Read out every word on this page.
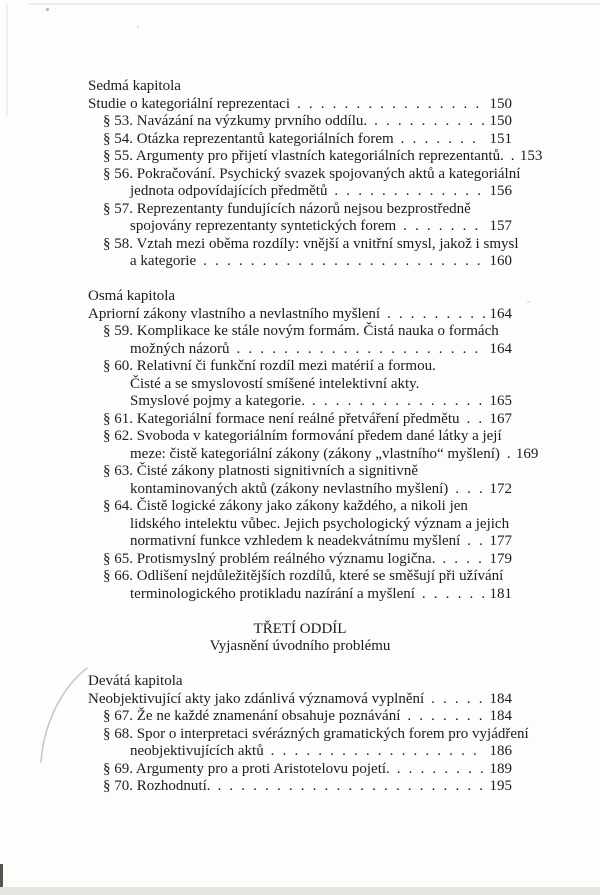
Sedmá kapitola
Studie o kategoriální reprezentaci . . .	150
§ 53. Navázání na výzkumy prvního oddílu. . . .	150
§ 54. Otázka reprezentantů kategoriálních forem . . .	151
§ 55. Argumenty pro přijetí vlastních kategoriálních reprezentantů. . . .	153
§ 56. Pokračování. Psychický svazek spojovaných aktů a kategoriální
jednota odpovídajících předmětů . . .	156
§ 57. Reprezentanty fundujících názorů nejsou bezprostředně
spojovány reprezentanty syntetických forem . . .	157
§ 58. Vztah mezi oběma rozdíly: vnější a vnitřní smysl, jakož i smysl
a kategorie . . .	160
Osmá kapitola
Apriorní zákony vlastního a nevlastního myšlení . . .	164
§ 59. Komplikace ke stále novým formám. Čistá nauka o formách
možných názorů . . .	164
§ 60. Relativní či funkční rozdíl mezi matérií a formou.
Čisté a se smyslovostí smíšené intelektivní akty.
Smyslové pojmy a kategorie. . . .	165
§ 61. Kategoriální formace není reálné přetváření předmětu . . .	167
§ 62. Svoboda v kategoriálním formování předem dané látky a její
meze: čistě kategoriální zákony (zákony „vlastního“ myšlení) . . .	169
§ 63. Čisté zákony platnosti signitivních a signitivně
kontaminovaných aktů (zákony nevlastního myšlení) . . .	172
§ 64. Čistě logické zákony jako zákony každého, a nikoli jen
lidského intelektu vůbec. Jejich psychologický význam a jejich
normativní funkce vzhledem k neadekvátnímu myšlení . . .	177
§ 65. Protismyslný problém reálného významu logična. . . .	179
§ 66. Odlišení nejdůležitějších rozdílů, které se směšují při užívání
terminologického protikladu nazírání a myšlení . . .	181
TŘETÍ ODDÍL
Vyjasnění úvodního problému
Devátá kapitola
Neobjektivující akty jako zdánlivá významová vyplnění . . .	184
§ 67. Že ne každé znamenání obsahuje poznávání . . .	184
§ 68. Spor o interpretaci svérázných gramatických forem pro vyjádření
neobjektivujících aktů . . .	186
§ 69. Argumenty pro a proti Aristotelovu pojetí. . . .	189
§ 70. Rozhodnutí. . . .	195
